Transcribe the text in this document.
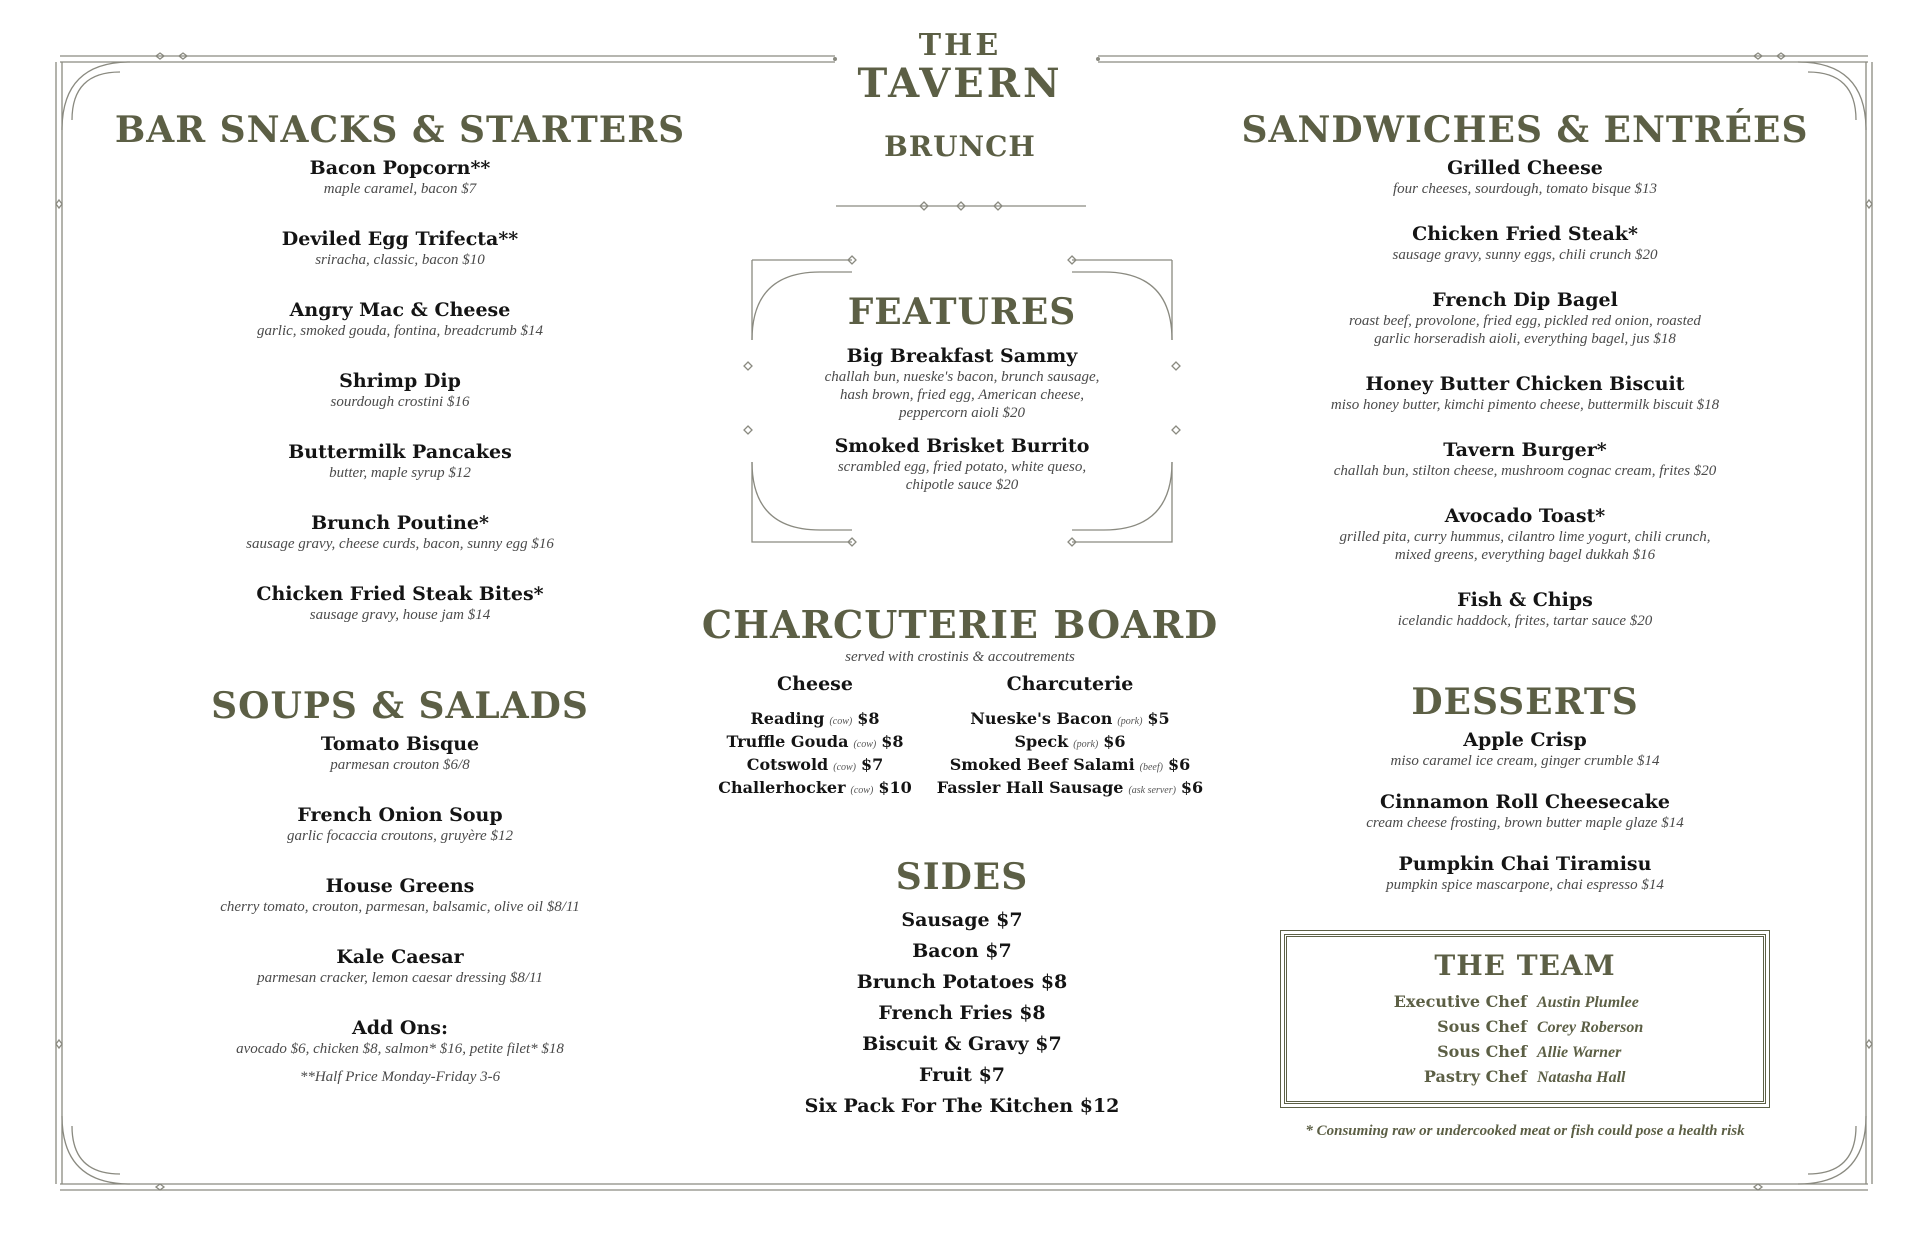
THE
TAVERN
BRUNCH
BAR SNACKS & STARTERS
Bacon Popcorn**
maple caramel, bacon $7
Deviled Egg Trifecta**
sriracha, classic, bacon $10
Angry Mac & Cheese
garlic, smoked gouda, fontina, breadcrumb $14
Shrimp Dip
sourdough crostini $16
Buttermilk Pancakes
butter, maple syrup $12
Brunch Poutine*
sausage gravy, cheese curds, bacon, sunny egg $16
Chicken Fried Steak Bites*
sausage gravy, house jam $14
SOUPS & SALADS
Tomato Bisque
parmesan crouton $6/8
French Onion Soup
garlic focaccia croutons, gruyère $12
House Greens
cherry tomato, crouton, parmesan, balsamic, olive oil $8/11
Kale Caesar
parmesan cracker, lemon caesar dressing $8/11
Add Ons:
avocado $6, chicken $8, salmon* $16, petite filet* $18
**Half Price Monday-Friday 3-6
FEATURES
Big Breakfast Sammy
challah bun, nueske's bacon, brunch sausage,
hash brown, fried egg, American cheese,
peppercorn aioli $20
Smoked Brisket Burrito
scrambled egg, fried potato, white queso,
chipotle sauce $20
CHARCUTERIE BOARD
served with crostinis & accoutrements
Cheese	Charcuterie
Reading (cow) $8
Truffle Gouda (cow) $8
Cotswold (cow) $7
Challerhocker (cow) $10
Nueske's Bacon (pork) $5
Speck (pork) $6
Smoked Beef Salami (beef) $6
Fassler Hall Sausage (ask server) $6
SIDES
Sausage $7
Bacon $7
Brunch Potatoes $8
French Fries $8
Biscuit & Gravy $7
Fruit $7
Six Pack For The Kitchen $12
SANDWICHES & ENTRÉES
Grilled Cheese
four cheeses, sourdough, tomato bisque $13
Chicken Fried Steak*
sausage gravy, sunny eggs, chili crunch $20
French Dip Bagel
roast beef, provolone, fried egg, pickled red onion, roasted
garlic horseradish aioli, everything bagel, jus $18
Honey Butter Chicken Biscuit
miso honey butter, kimchi pimento cheese, buttermilk biscuit $18
Tavern Burger*
challah bun, stilton cheese, mushroom cognac cream, frites $20
Avocado Toast*
grilled pita, curry hummus, cilantro lime yogurt, chili crunch,
mixed greens, everything bagel dukkah $16
Fish & Chips
icelandic haddock, frites, tartar sauce $20
DESSERTS
Apple Crisp
miso caramel ice cream, ginger crumble $14
Cinnamon Roll Cheesecake
cream cheese frosting, brown butter maple glaze $14
Pumpkin Chai Tiramisu
pumpkin spice mascarpone, chai espresso $14
THE TEAM
Executive Chef Austin Plumlee
Sous Chef Corey Roberson
Sous Chef Allie Warner
Pastry Chef Natasha Hall
* Consuming raw or undercooked meat or fish could pose a health risk
